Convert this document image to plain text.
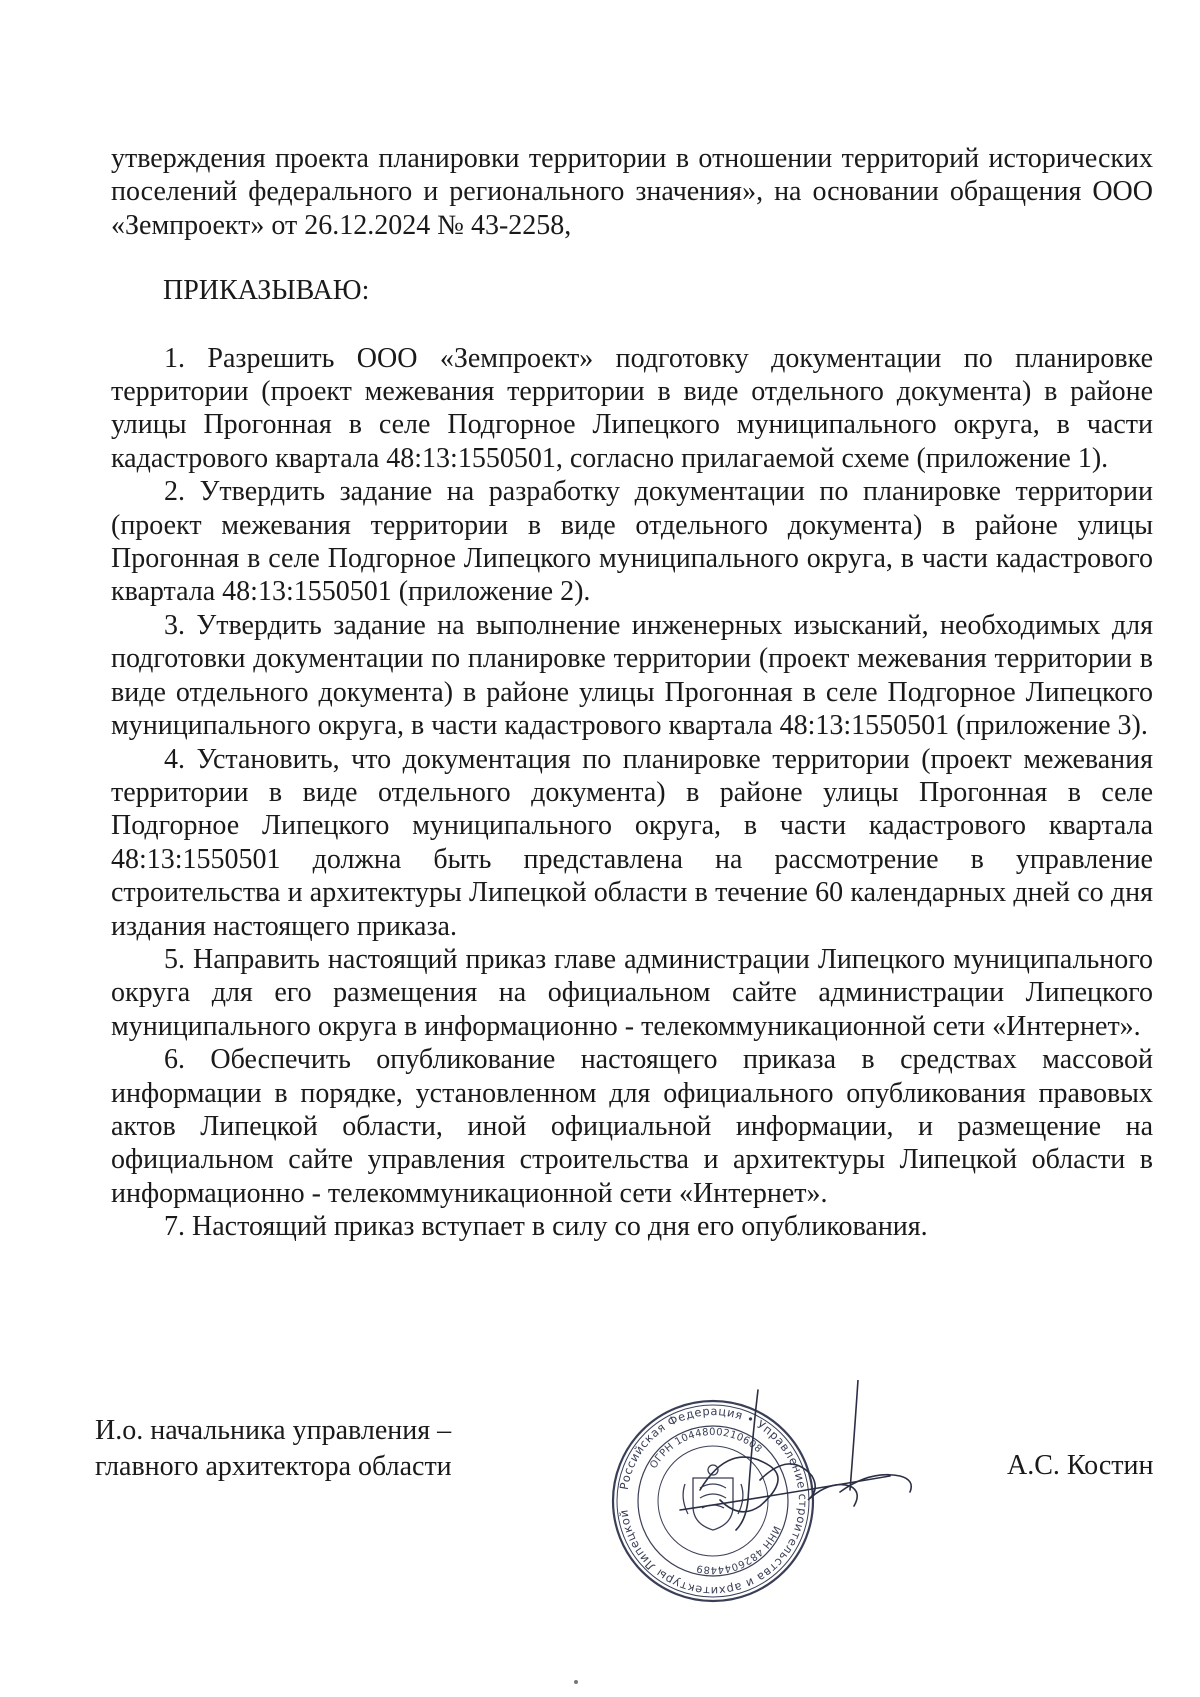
утверждения проекта планировки территории в отношении территорий исторических поселений федерального и регионального значения», на основании обращения ООО «Земпроект» от 26.12.2024 № 43-2258,

ПРИКАЗЫВАЮ:

1. Разрешить ООО «Земпроект» подготовку документации по планировке территории (проект межевания территории в виде отдельного документа) в районе улицы Прогонная в селе Подгорное Липецкого муниципального округа, в части кадастрового квартала 48:13:1550501, согласно прилагаемой схеме (приложение 1).

2. Утвердить задание на разработку документации по планировке территории (проект межевания территории в виде отдельного документа) в районе улицы Прогонная в селе Подгорное Липецкого муниципального округа, в части кадастрового квартала 48:13:1550501 (приложение 2).

3. Утвердить задание на выполнение инженерных изысканий, необходимых для подготовки документации по планировке территории (проект межевания территории в виде отдельного документа) в районе улицы Прогонная в селе Подгорное Липецкого муниципального округа, в части кадастрового квартала 48:13:1550501 (приложение 3).

4. Установить, что документация по планировке территории (проект межевания территории в виде отдельного документа) в районе улицы Прогонная в селе Подгорное Липецкого муниципального округа, в части кадастрового квартала 48:13:1550501 должна быть представлена на рассмотрение в управление строительства и архитектуры Липецкой области в течение 60 календарных дней со дня издания настоящего приказа.

5. Направить настоящий приказ главе администрации Липецкого муниципального округа для его размещения на официальном сайте администрации Липецкого муниципального округа в информационно - телекоммуникационной сети «Интернет».

6. Обеспечить опубликование настоящего приказа в средствах массовой информации в порядке, установленном для официального опубликования правовых актов Липецкой области, иной официальной информации, и размещение на официальном сайте управления строительства и архитектуры Липецкой области в информационно - телекоммуникационной сети «Интернет».

7. Настоящий приказ вступает в силу со дня его опубликования.

И.о. начальника управления –
главного архитектора области
Российская Федерация • Управление строительства и архитектуры Липецкой
ИНН 4826044489
ОГРН 1044800210608
А.С. Костин
